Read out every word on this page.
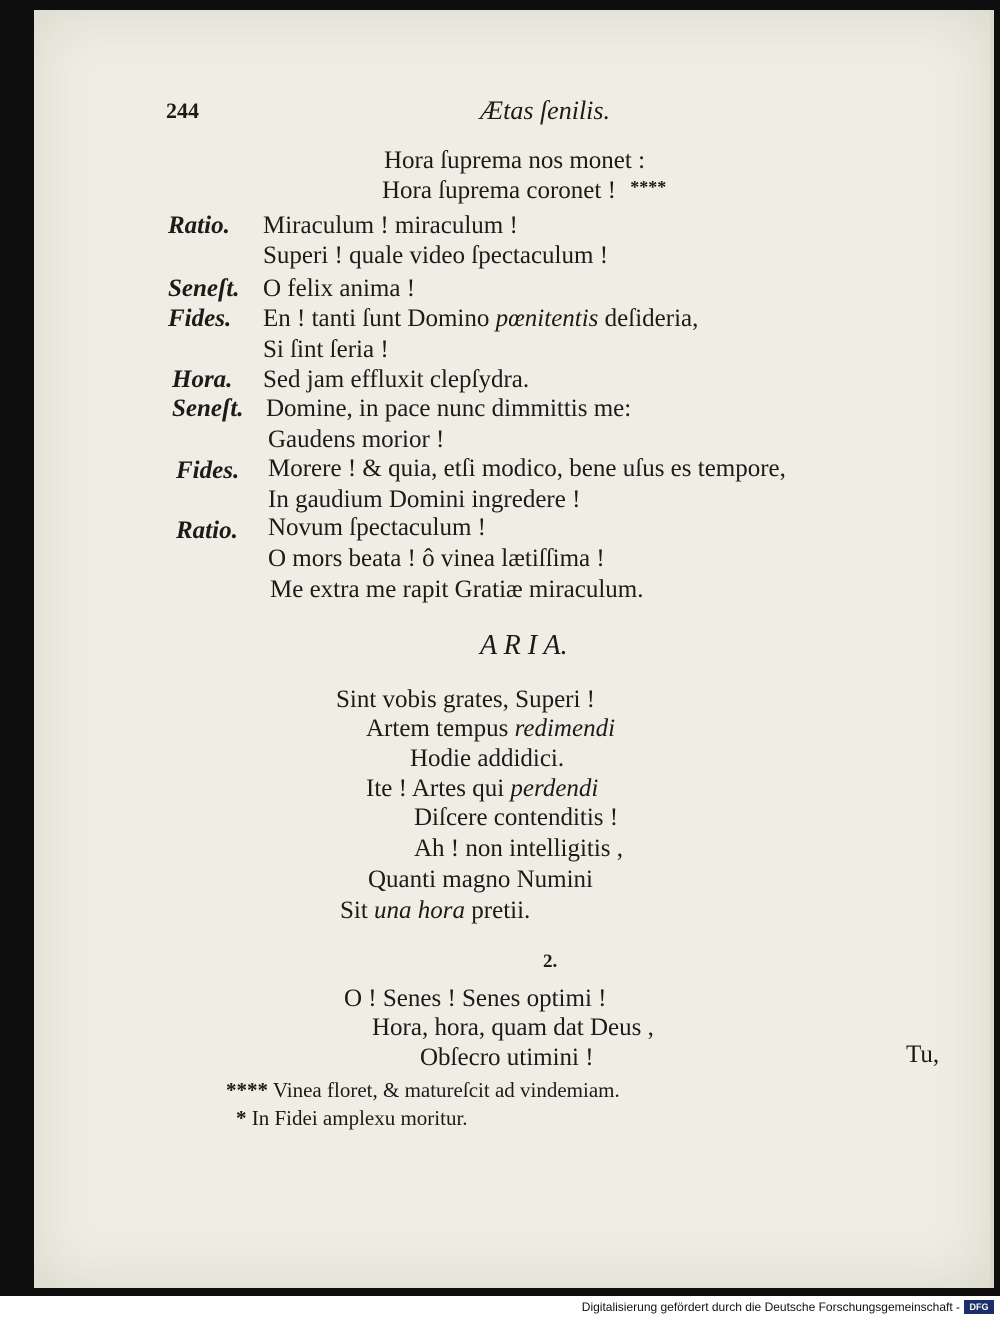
244	Ætas ſenilis.
Hora ſuprema nos monet :
Hora ſuprema coronet ! ****
Ratio. Miraculum ! miraculum !
Superi ! quale video ſpectaculum !
Seneſt. O felix anima !
Fides. En ! tanti ſunt Domino pœnitentis deſideria,
Si ſint ſeria !
Hora. Sed jam effluxit clepſydra.
Seneſt. Domine, in pace nunc dimmittis me:
Gaudens morior !
Fides. Morere ! & quia, etſi modico, bene uſus es tempore,
In gaudium Domini ingredere !
Ratio. Novum ſpectaculum !
O mors beata ! ô vinea lætiſſima !
Me extra me rapit Gratiæ miraculum.
A R I A.
Sint vobis grates, Superi !
Artem tempus redimendi
Hodie addidici.
Ite ! Artes qui perdendi
Diſcere contenditis !
Ah ! non intelligitis ,
Quanti magno Numini
Sit una hora pretii.
2.
O ! Senes ! Senes optimi !
Hora, hora, quam dat Deus ,
Obſecro utimini !	Tu,
**** Vinea floret, & matureſcit ad vindemiam.
* In Fidei amplexu moritur.
Digitalisierung gefördert durch die Deutsche Forschungsgemeinschaft -	DFG
